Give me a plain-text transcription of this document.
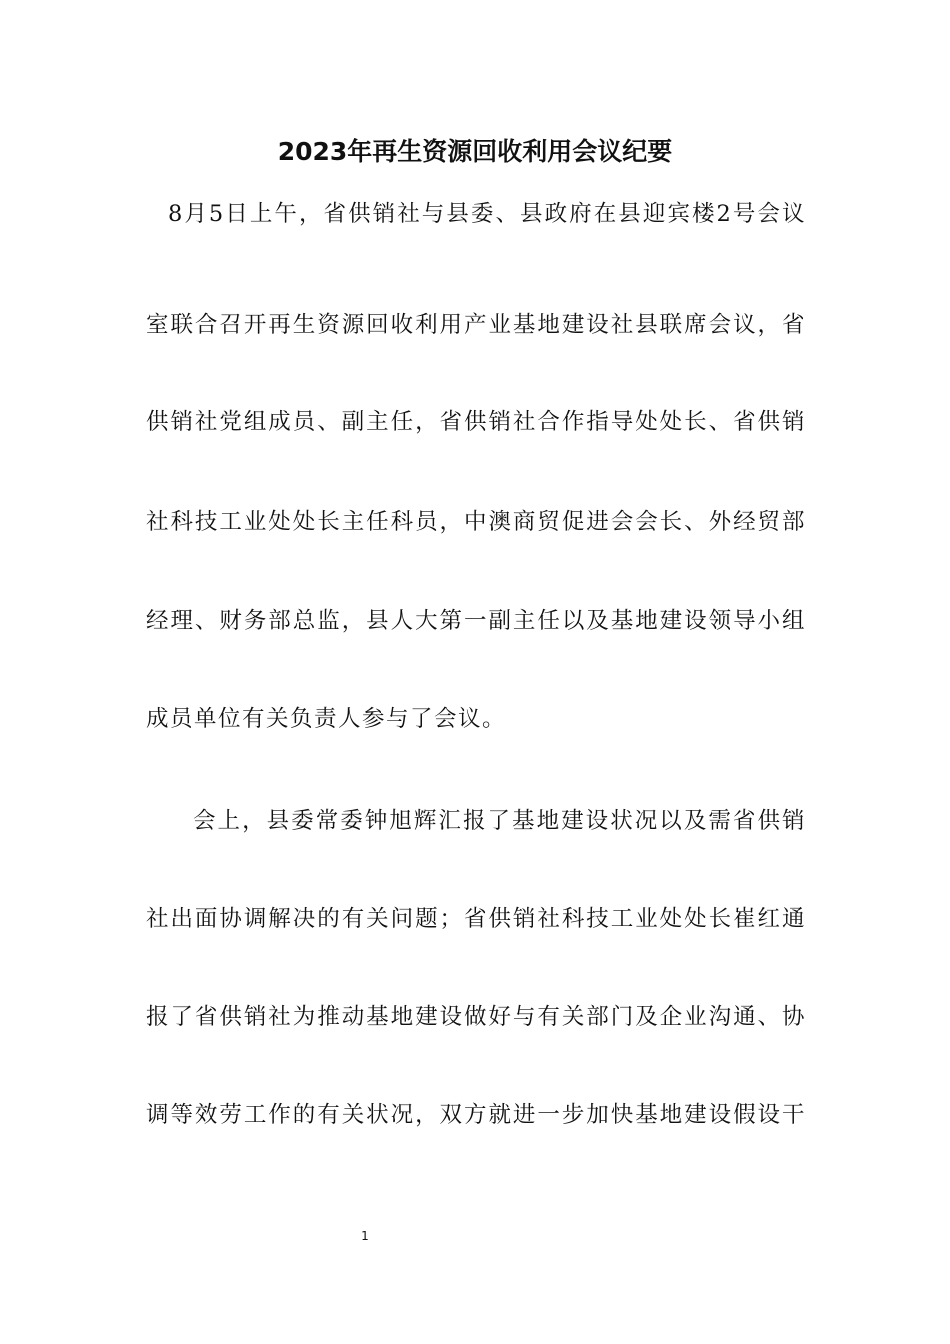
2023年再生资源回收利用会议纪要
8月5日上午，省供销社与县委、县政府在县迎宾楼2号会议
室联合召开再生资源回收利用产业基地建设社县联席会议，省
供销社党组成员、副主任，省供销社合作指导处处长、省供销
社科技工业处处长主任科员，中澳商贸促进会会长、外经贸部
经理、财务部总监，县人大第一副主任以及基地建设领导小组
成员单位有关负责人参与了会议。
会上，县委常委钟旭辉汇报了基地建设状况以及需省供销
社出面协调解决的有关问题；省供销社科技工业处处长崔红通
报了省供销社为推动基地建设做好与有关部门及企业沟通、协
调等效劳工作的有关状况，双方就进一步加快基地建设假设干
1
